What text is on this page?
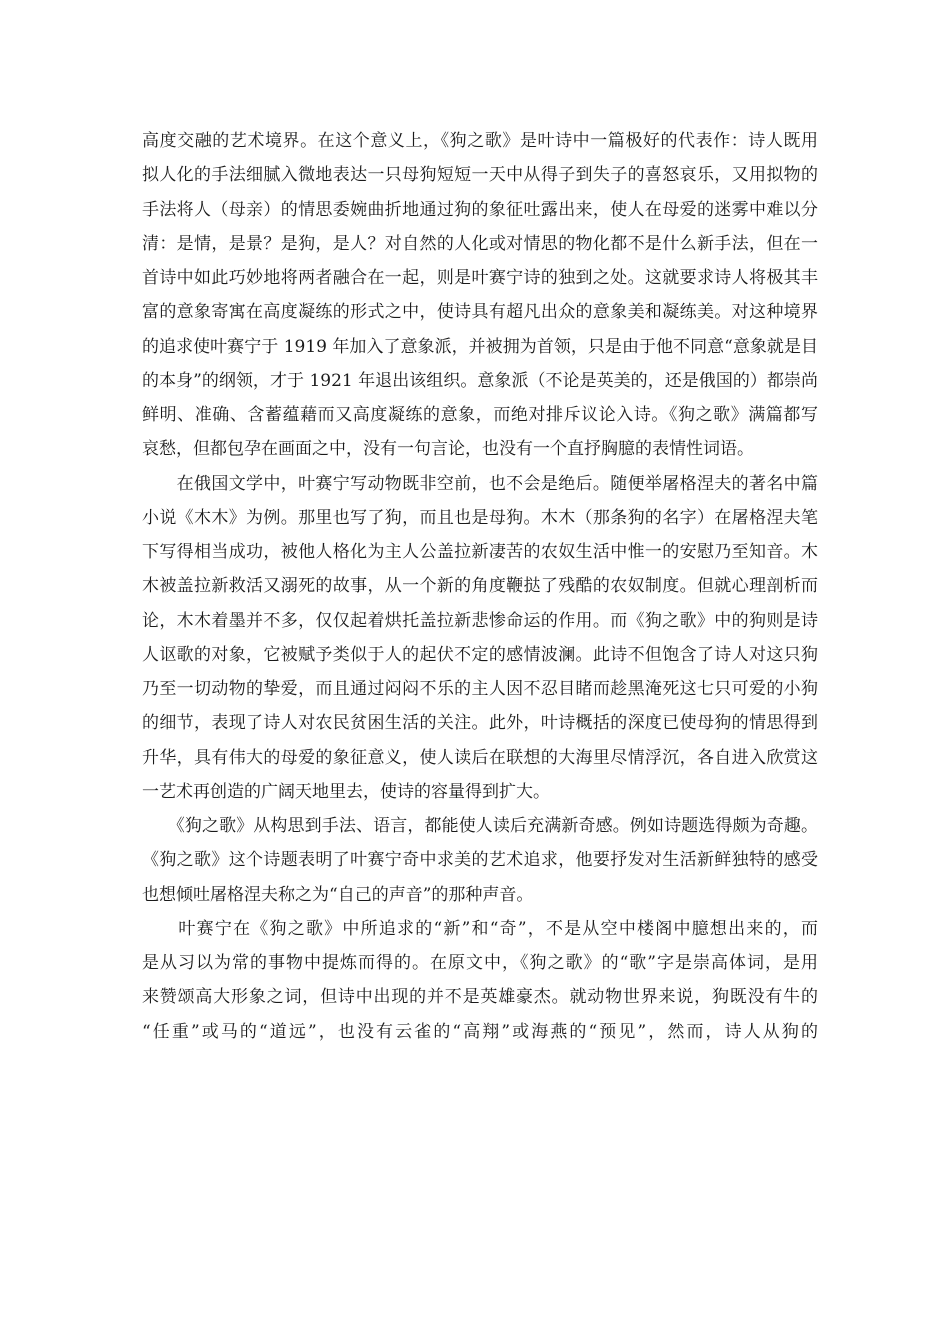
高度交融的艺术境界。在这个意义上，《狗之歌》是叶诗中一篇极好的代表作：诗人既用
拟人化的手法细腻入微地表达一只母狗短短一天中从得子到失子的喜怒哀乐，又用拟物的
手法将人（母亲）的情思委婉曲折地通过狗的象征吐露出来，使人在母爱的迷雾中难以分
清：是情，是景？是狗，是人？对自然的人化或对情思的物化都不是什么新手法，但在一
首诗中如此巧妙地将两者融合在一起，则是叶赛宁诗的独到之处。这就要求诗人将极其丰
富的意象寄寓在高度凝练的形式之中，使诗具有超凡出众的意象美和凝练美。对这种境界
的追求使叶赛宁于 1919 年加入了意象派，并被拥为首领，只是由于他不同意“意象就是目
的本身”的纲领，才于 1921 年退出该组织。意象派（不论是英美的，还是俄国的）都崇尚
鲜明、准确、含蓄蕴藉而又高度凝练的意象，而绝对排斥议论入诗。《狗之歌》满篇都写
哀愁，但都包孕在画面之中，没有一句言论，也没有一个直抒胸臆的表情性词语。
　　在俄国文学中，叶赛宁写动物既非空前，也不会是绝后。随便举屠格涅夫的著名中篇
小说《木木》为例。那里也写了狗，而且也是母狗。木木（那条狗的名字）在屠格涅夫笔
下写得相当成功，被他人格化为主人公盖拉新凄苦的农奴生活中惟一的安慰乃至知音。木
木被盖拉新救活又溺死的故事，从一个新的角度鞭挞了残酷的农奴制度。但就心理剖析而
论，木木着墨并不多，仅仅起着烘托盖拉新悲惨命运的作用。而《狗之歌》中的狗则是诗
人讴歌的对象，它被赋予类似于人的起伏不定的感情波澜。此诗不但饱含了诗人对这只狗
乃至一切动物的挚爱，而且通过闷闷不乐的主人因不忍目睹而趁黑淹死这七只可爱的小狗
的细节，表现了诗人对农民贫困生活的关注。此外，叶诗概括的深度已使母狗的情思得到
升华，具有伟大的母爱的象征意义，使人读后在联想的大海里尽情浮沉，各自进入欣赏这
一艺术再创造的广阔天地里去，使诗的容量得到扩大。
　　《狗之歌》从构思到手法、语言，都能使人读后充满新奇感。例如诗题选得颇为奇趣。
《狗之歌》这个诗题表明了叶赛宁奇中求美的艺术追求，他要抒发对生活新鲜独特的感受
也想倾吐屠格涅夫称之为“自己的声音”的那种声音。
　　叶赛宁在《狗之歌》中所追求的“新”和“奇”，不是从空中楼阁中臆想出来的，而
是从习以为常的事物中提炼而得的。在原文中，《狗之歌》的“歌”字是崇高体词，是用
来赞颂高大形象之词，但诗中出现的并不是英雄豪杰。就动物世界来说，狗既没有牛的
“任重”或马的“道远”，也没有云雀的“高翔”或海燕的“预见”，然而，诗人从狗的
